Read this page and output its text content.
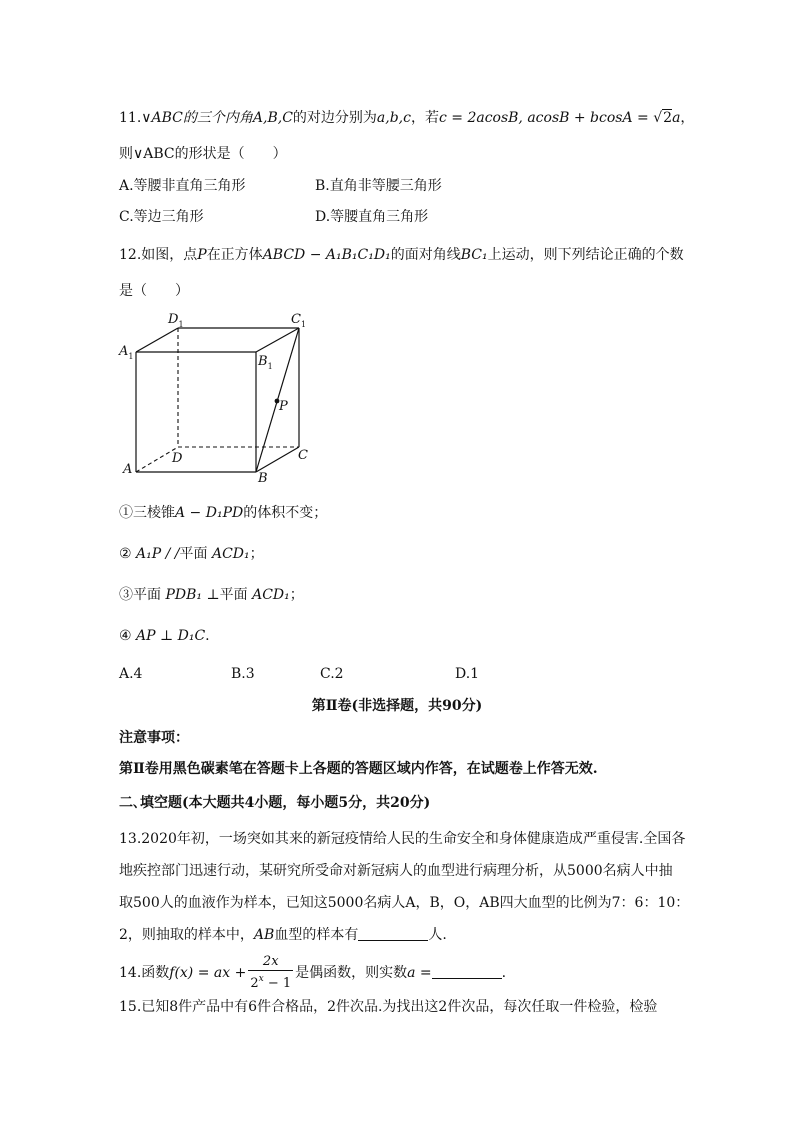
11.∨ABC的三个内角A,B,C的对边分别为a,b,c，若c = 2acosB, acosB + bcosA = √2a，
则∨ABC的形状是（　　）
A.等腰非直角三角形	B.直角非等腰三角形
C.等边三角形	D.等腰直角三角形
12.如图，点P在正方体ABCD − A₁B₁C₁D₁的面对角线BC₁上运动，则下列结论正确的个数
是（　　）
$A_1$
$D_1$	$C_1$
$B_1$
P
A
D	C
B
①三棱锥A − D₁PD的体积不变；
② A₁P / /平面 ACD₁；
③平面 PDB₁ ⊥平面 ACD₁；
④ AP ⊥ D₁C.
A.4	B.3	C.2	D.1
第Ⅱ卷(非选择题，共90分)
注意事项：
第Ⅱ卷用黑色碳素笔在答题卡上各题的答题区域内作答，在试题卷上作答无效.
二､填空题(本大题共4小题，每小题5分，共20分)
13.2020年初，一场突如其来的新冠疫情给人民的生命安全和身体健康造成严重侵害.全国各
地疾控部门迅速行动，某研究所受命对新冠病人的血型进行病理分析，从5000名病人中抽
取500人的血液作为样本，已知这5000名病人A，B，O，AB四大血型的比例为7：6：10：
2，则抽取的样本中，AB血型的样本有	人.
14.函数f(x) = ax + $\frac{2x}{2^x - 1}$ 是偶函数，则实数a =	.
15.已知8件产品中有6件合格品，2件次品.为找出这2件次品，每次任取一件检验，检验
